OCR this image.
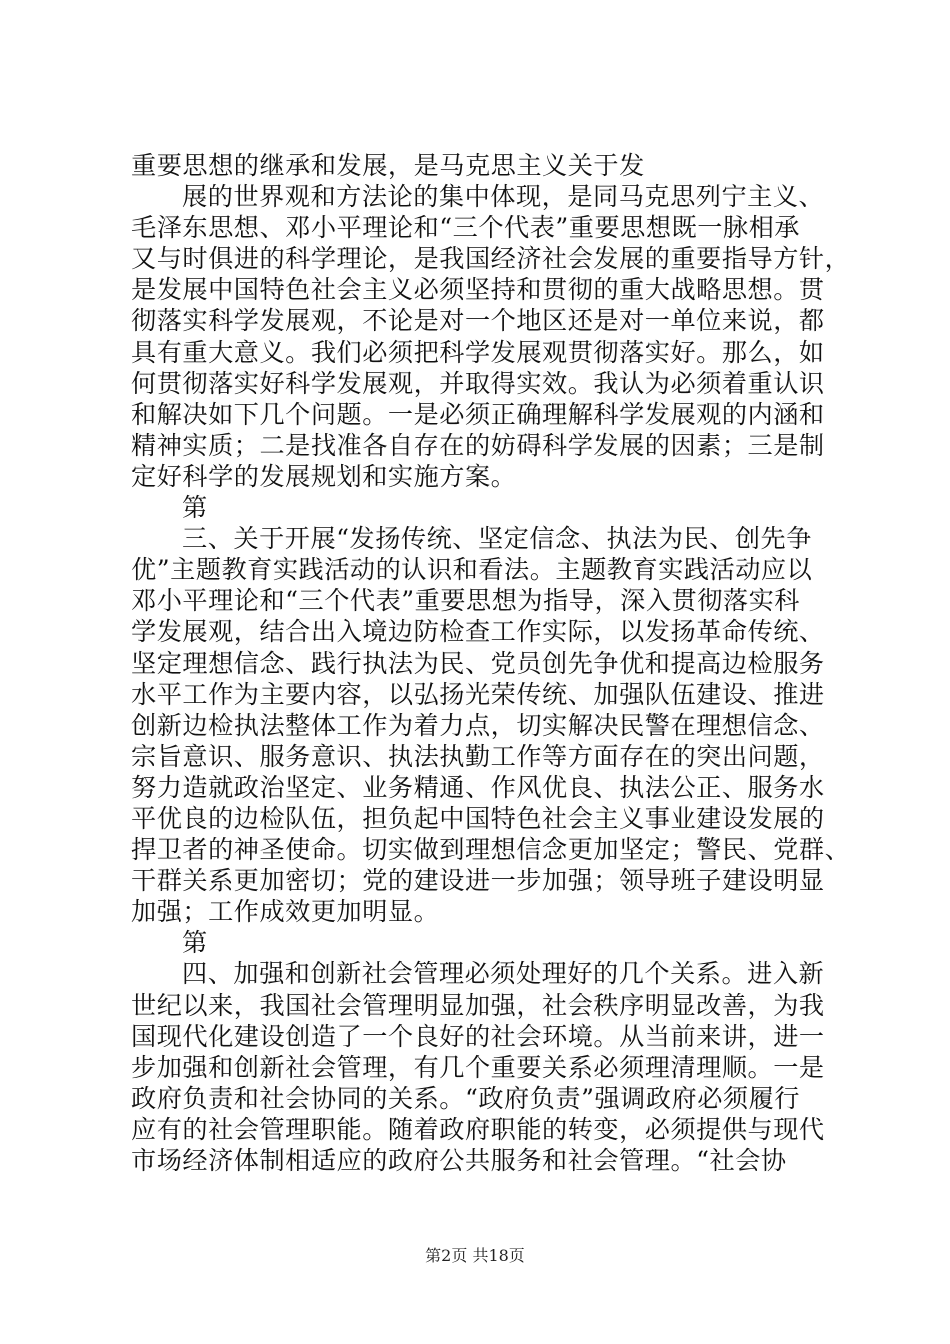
重要思想的继承和发展，是马克思主义关于发
展的世界观和方法论的集中体现，是同马克思列宁主义、
毛泽东思想、邓小平理论和“三个代表”重要思想既一脉相承
又与时俱进的科学理论，是我国经济社会发展的重要指导方针，
是发展中国特色社会主义必须坚持和贯彻的重大战略思想。贯
彻落实科学发展观，不论是对一个地区还是对一单位来说，都
具有重大意义。我们必须把科学发展观贯彻落实好。那么，如
何贯彻落实好科学发展观，并取得实效。我认为必须着重认识
和解决如下几个问题。一是必须正确理解科学发展观的内涵和
精神实质；二是找准各自存在的妨碍科学发展的因素；三是制
定好科学的发展规划和实施方案。
第
三、关于开展“发扬传统、坚定信念、执法为民、创先争
优”主题教育实践活动的认识和看法。主题教育实践活动应以
邓小平理论和“三个代表”重要思想为指导，深入贯彻落实科
学发展观，结合出入境边防检查工作实际，以发扬革命传统、
坚定理想信念、践行执法为民、党员创先争优和提高边检服务
水平工作为主要内容，以弘扬光荣传统、加强队伍建设、推进
创新边检执法整体工作为着力点，切实解决民警在理想信念、
宗旨意识、服务意识、执法执勤工作等方面存在的突出问题，
努力造就政治坚定、业务精通、作风优良、执法公正、服务水
平优良的边检队伍，担负起中国特色社会主义事业建设发展的
捍卫者的神圣使命。切实做到理想信念更加坚定；警民、党群、
干群关系更加密切；党的建设进一步加强；领导班子建设明显
加强；工作成效更加明显。
第
四、加强和创新社会管理必须处理好的几个关系。进入新
世纪以来，我国社会管理明显加强，社会秩序明显改善，为我
国现代化建设创造了一个良好的社会环境。从当前来讲，进一
步加强和创新社会管理，有几个重要关系必须理清理顺。一是
政府负责和社会协同的关系。“政府负责”强调政府必须履行
应有的社会管理职能。随着政府职能的转变，必须提供与现代
市场经济体制相适应的政府公共服务和社会管理。“社会协
第2页 共18页
